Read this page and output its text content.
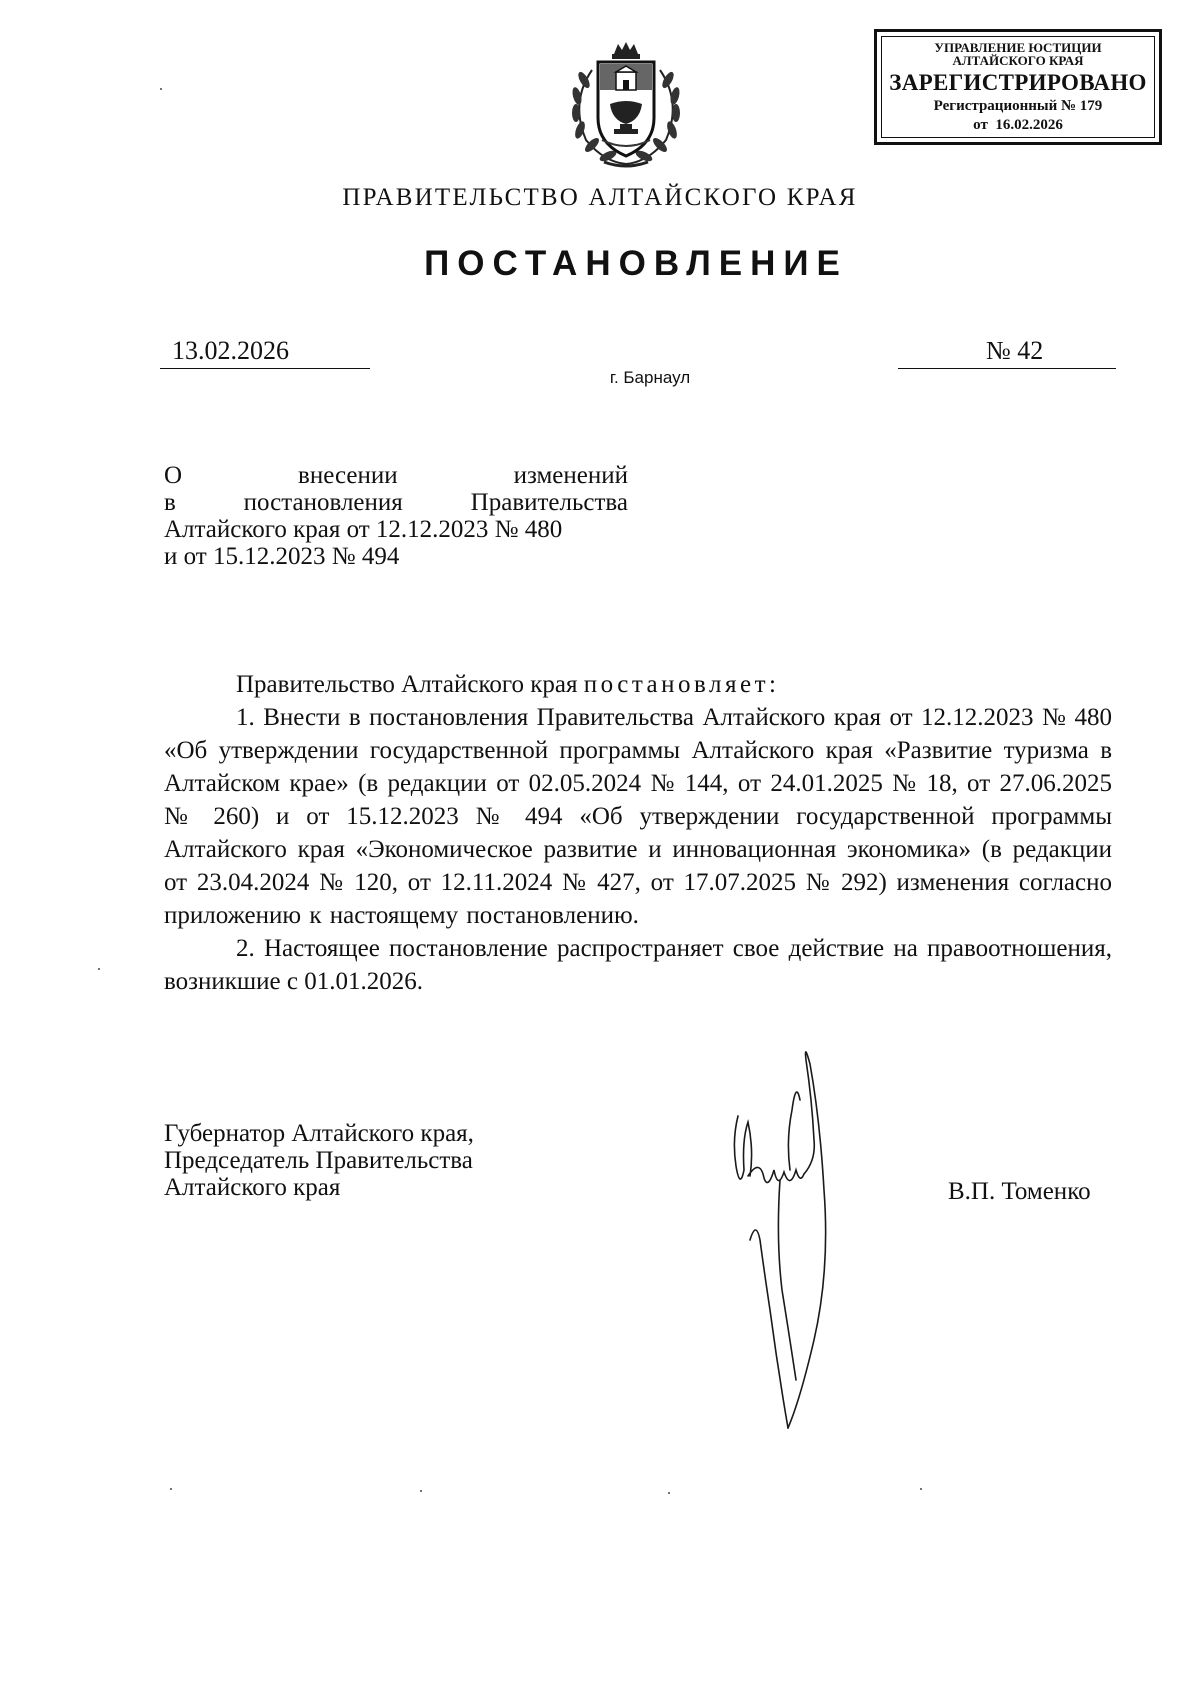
УПРАВЛЕНИЕ ЮСТИЦИИ
АЛТАЙСКОГО КРАЯ
ЗАРЕГИСТРИРОВАНО
Регистрационный № 179
от  16.02.2026
ПРАВИТЕЛЬСТВО АЛТАЙСКОГО КРАЯ
ПОСТАНОВЛЕНИЕ
13.02.2026	№ 42
г. Барнаул
О	внесении	изменений
в постановления	Правительства
Алтайского края от 12.12.2023 № 480
и от 15.12.2023 № 494

Правительство Алтайского края постановляет:

1. Внести в постановления Правительства Алтайского края от 12.12.2023 № 480 «Об утверждении государственной программы Алтайского края «Развитие туризма в Алтайском крае» (в редакции от 02.05.2024 № 144, от 24.01.2025 № 18, от 27.06.2025 № 260) и от 15.12.2023 № 494 «Об утверждении государственной программы Алтайского края «Экономическое развитие и инновационная экономика» (в редакции от 23.04.2024 № 120, от 12.11.2024 № 427, от 17.07.2025 № 292) изменения согласно приложению к настоящему постановлению.

2. Настоящее постановление распространяет свое действие на правоотношения, возникшие с 01.01.2026.

Губернатор Алтайского края,
Председатель Правительства
Алтайского края	В.П. Томенко
